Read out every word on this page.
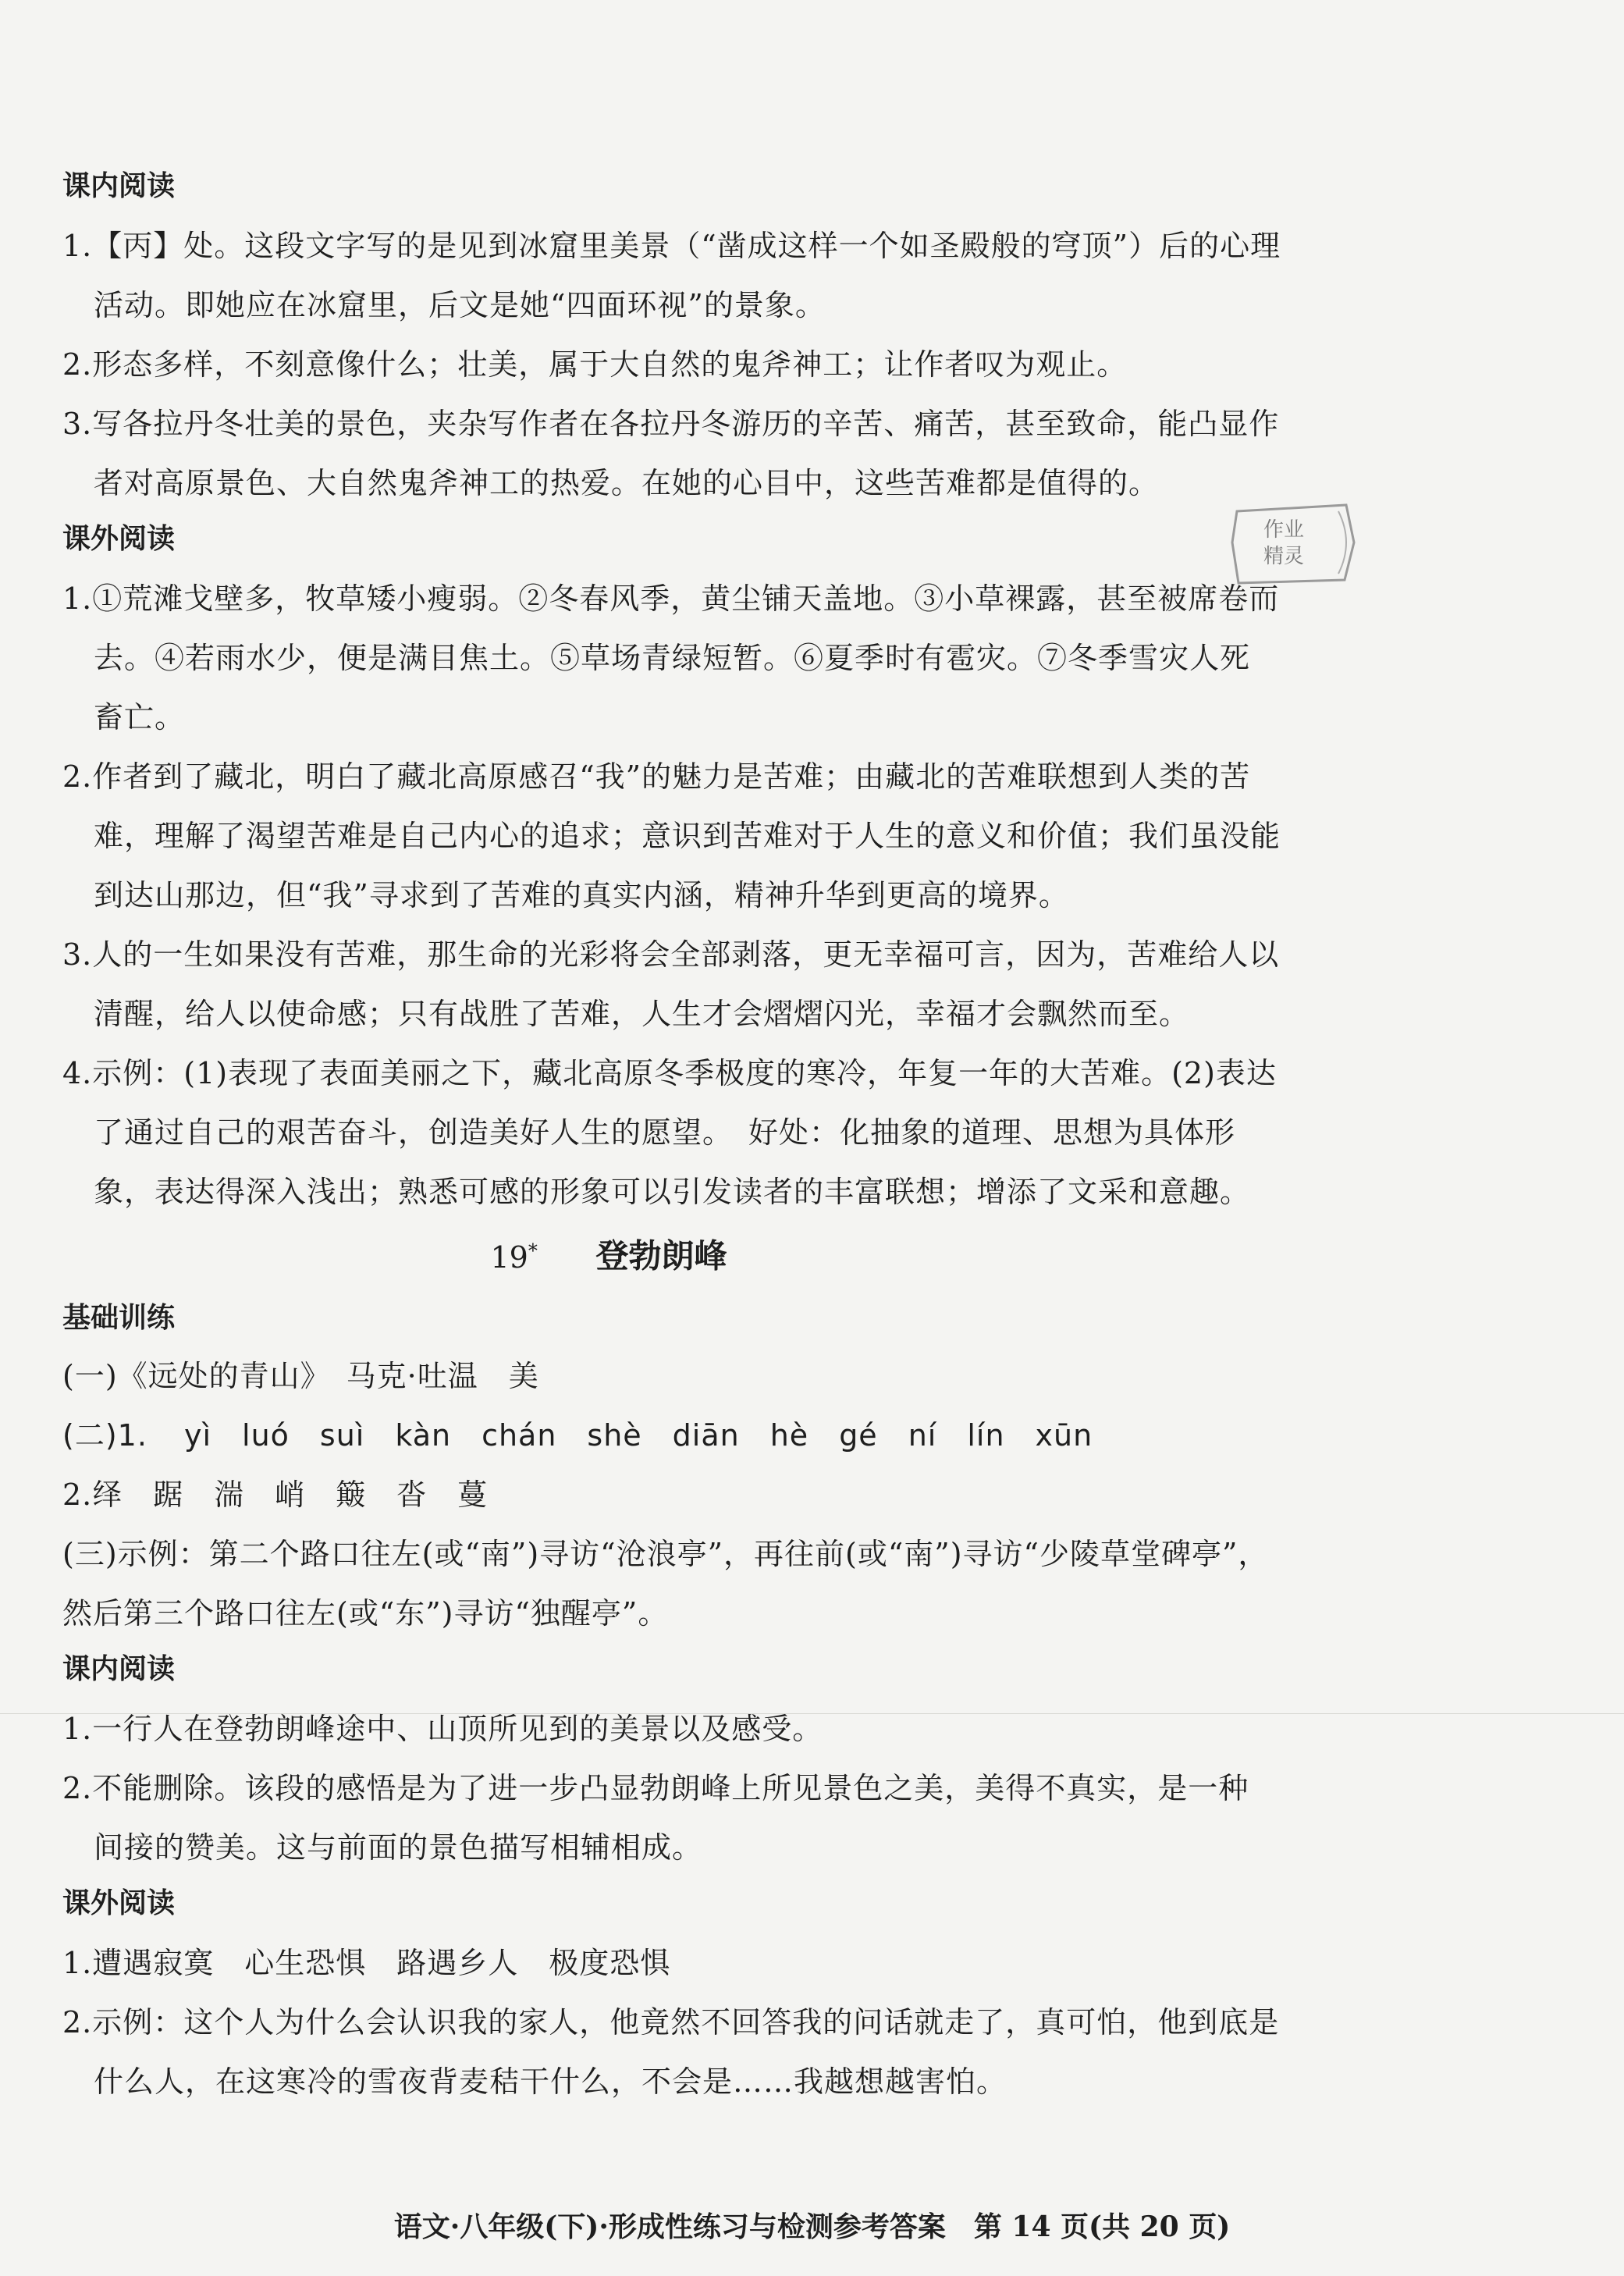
课内阅读
1.【丙】处。这段文字写的是见到冰窟里美景（“凿成这样一个如圣殿般的穹顶”）后的心理
活动。即她应在冰窟里，后文是她“四面环视”的景象。
2.形态多样，不刻意像什么；壮美，属于大自然的鬼斧神工；让作者叹为观止。
3.写各拉丹冬壮美的景色，夹杂写作者在各拉丹冬游历的辛苦、痛苦，甚至致命，能凸显作
者对高原景色、大自然鬼斧神工的热爱。在她的心目中，这些苦难都是值得的。
课外阅读
1.①荒滩戈壁多，牧草矮小瘦弱。②冬春风季，黄尘铺天盖地。③小草裸露，甚至被席卷而
去。④若雨水少，便是满目焦土。⑤草场青绿短暂。⑥夏季时有雹灾。⑦冬季雪灾人死
畜亡。
2.作者到了藏北，明白了藏北高原感召“我”的魅力是苦难；由藏北的苦难联想到人类的苦
难，理解了渴望苦难是自己内心的追求；意识到苦难对于人生的意义和价值；我们虽没能
到达山那边，但“我”寻求到了苦难的真实内涵，精神升华到更高的境界。
3.人的一生如果没有苦难，那生命的光彩将会全部剥落，更无幸福可言，因为，苦难给人以
清醒，给人以使命感；只有战胜了苦难，人生才会熠熠闪光，幸福才会飘然而至。
4.示例：(1)表现了表面美丽之下，藏北高原冬季极度的寒冷，年复一年的大苦难。(2)表达
了通过自己的艰苦奋斗，创造美好人生的愿望。　好处：化抽象的道理、思想为具体形
象，表达得深入浅出；熟悉可感的形象可以引发读者的丰富联想；增添了文采和意趣。
19* 登勃朗峰
基础训练
(一)《远处的青山》　马克·吐温　美
(二)1. yì　luó　suì　kàn　chán　shè　diān　hè　gé　ní　lín　xūn
2.绎　踞　湍　峭　簸　沓　蔓
(三)示例：第二个路口往左(或“南”)寻访“沧浪亭”，再往前(或“南”)寻访“少陵草堂碑亭”，
然后第三个路口往左(或“东”)寻访“独醒亭”。
课内阅读
1.一行人在登勃朗峰途中、山顶所见到的美景以及感受。
2.不能删除。该段的感悟是为了进一步凸显勃朗峰上所见景色之美，美得不真实，是一种
间接的赞美。这与前面的景色描写相辅相成。
课外阅读
1.遭遇寂寞　心生恐惧　路遇乡人　极度恐惧
2.示例：这个人为什么会认识我的家人，他竟然不回答我的问话就走了，真可怕，他到底是
什么人，在这寒冷的雪夜背麦秸干什么，不会是……我越想越害怕。
语文·八年级(下)·形成性练习与检测参考答案　第 14 页(共 20 页)
作业
精灵
